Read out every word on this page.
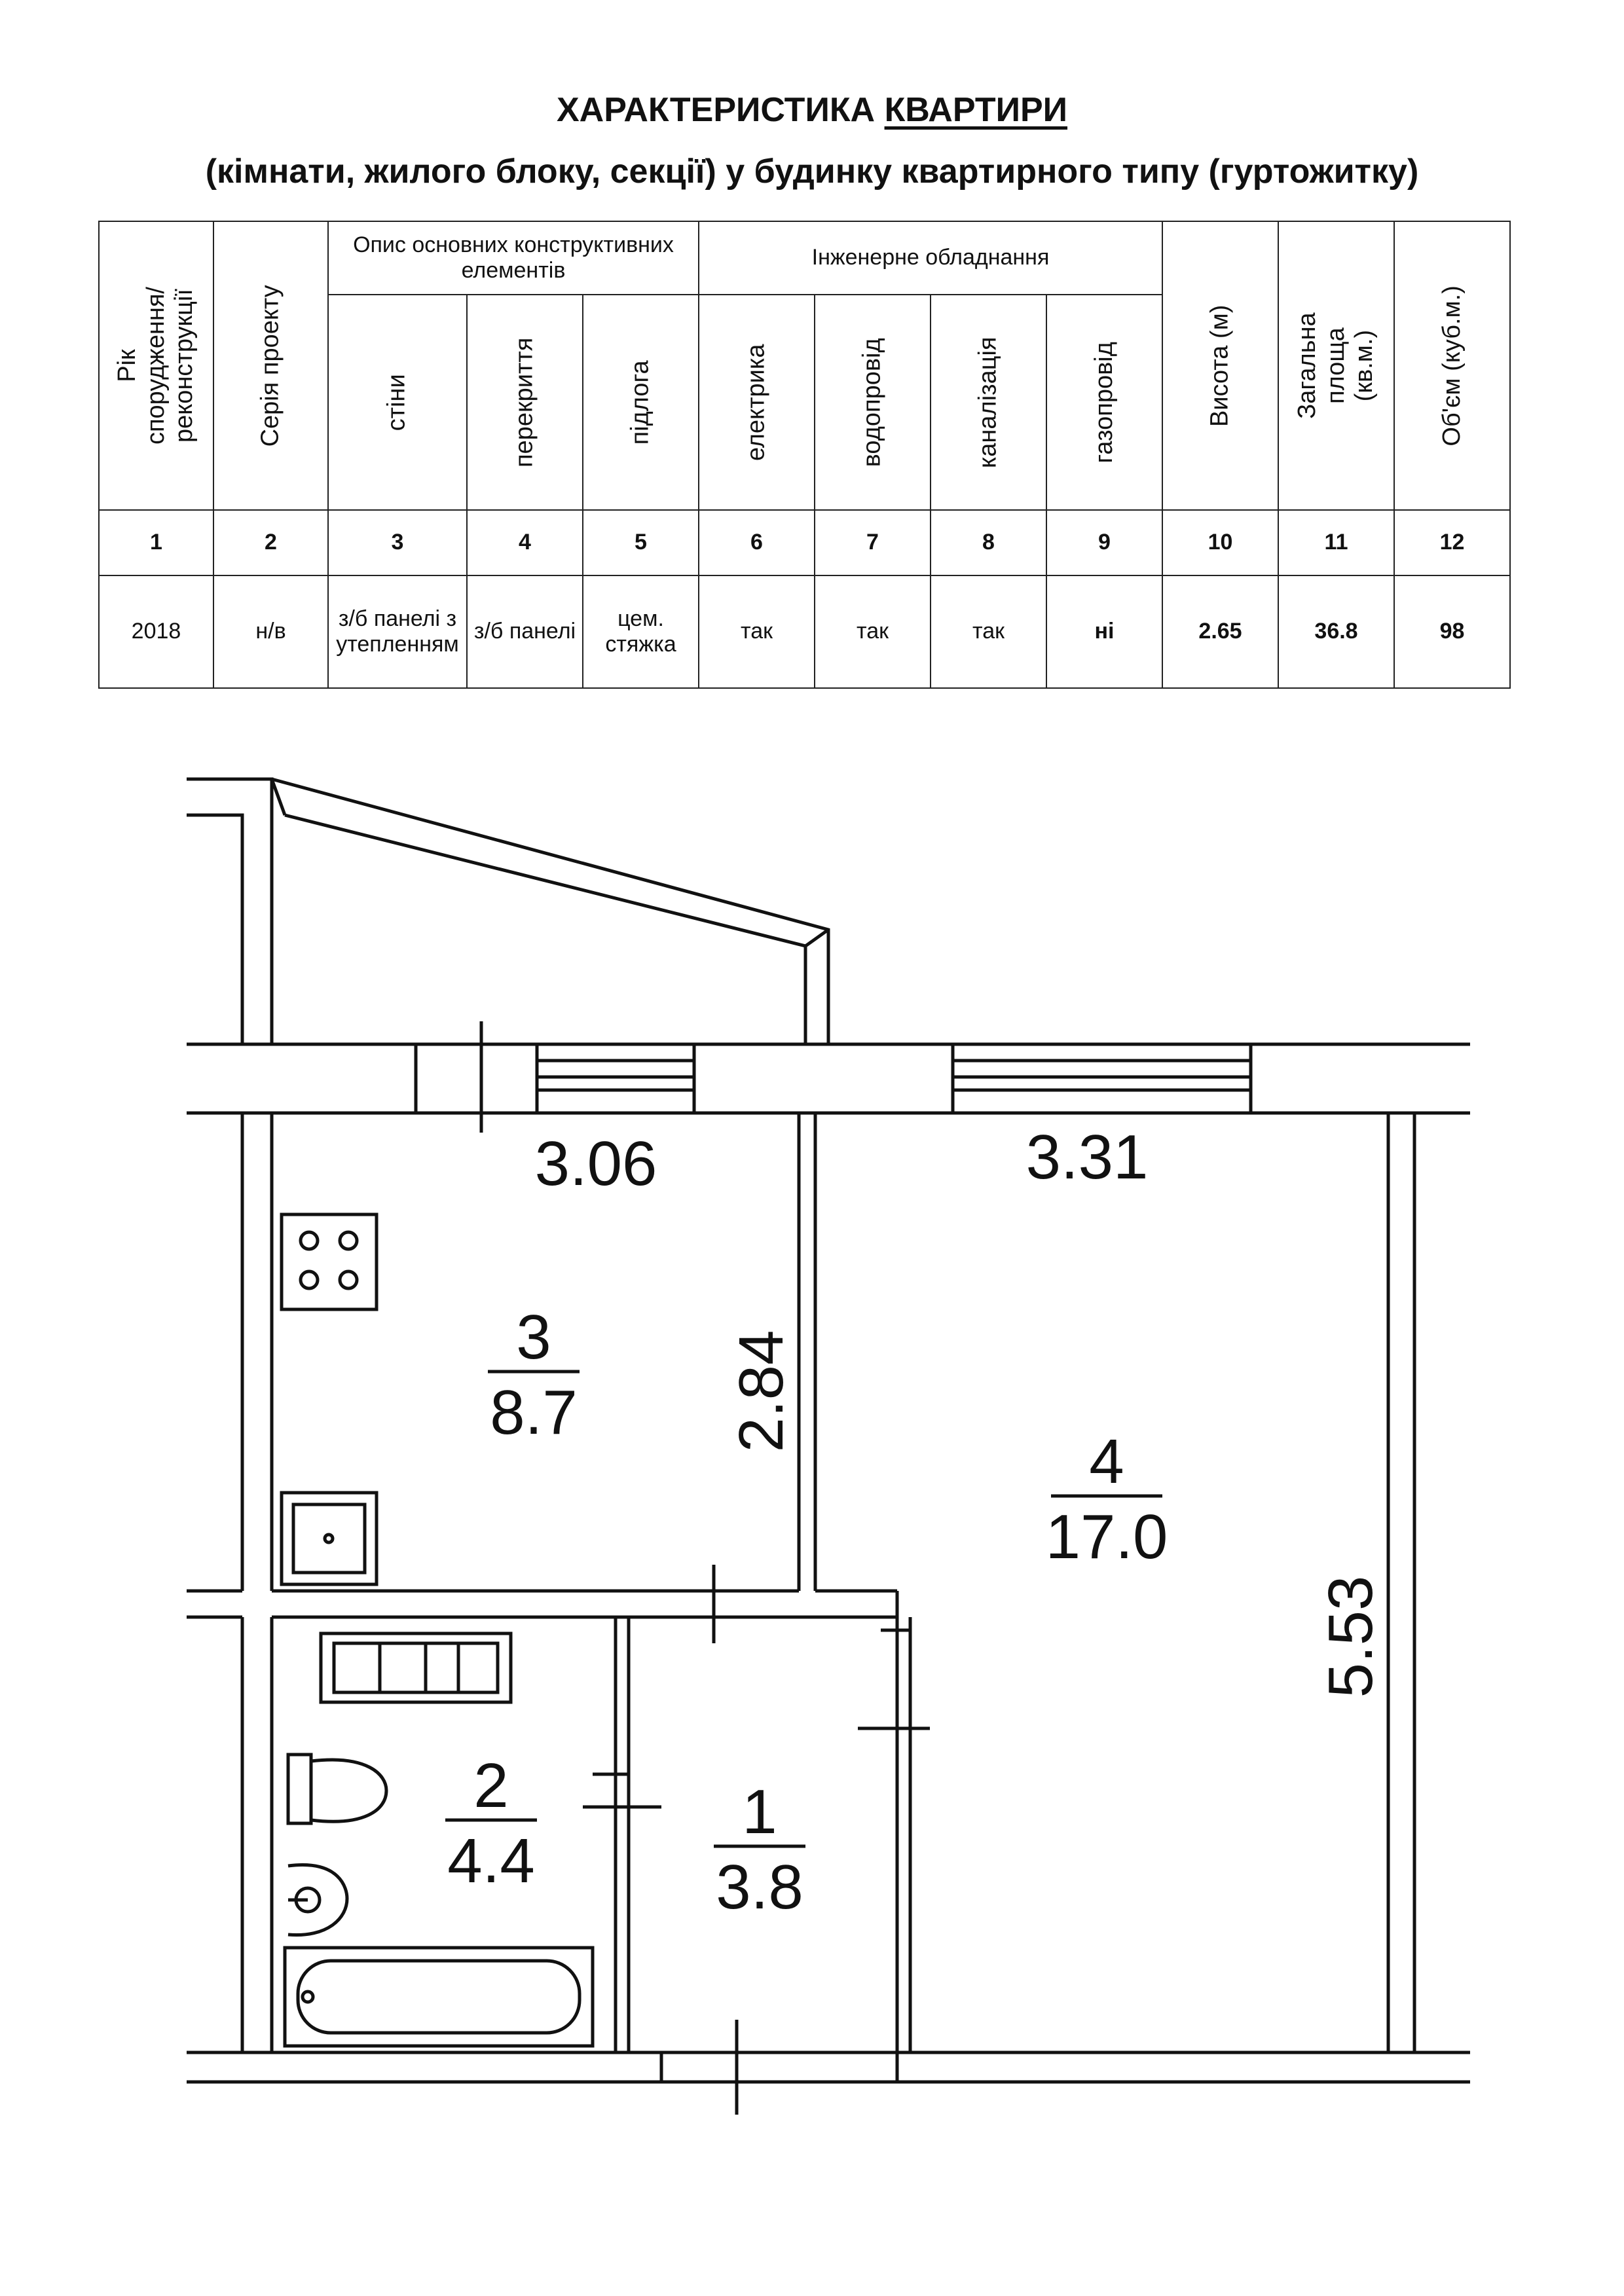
ХАРАКТЕРИСТИКА КВАРТИРИ
(кімнати, жилого блоку, секції) у будинку квартирного типу (гуртожитку)
Рік спорудження/ реконструкції	Серія проекту	Опис основних конструктивних елементів			Інженерне обладнання				Висота (м)	Загальна площа (кв.м.)	Об'єм (куб.м.)

		стіни	перекриття	підлога	електрика	водопровід	каналізація	газопровід			

1	2	3	4	5	6	7	8	9	10	11	12
2018	н/в	з/б панелі з утепленням	з/б панелі	цем. стяжка	так	так	так	ні	2.65	36.8	98
3.06	3.31
2.84
5.53
3
8.7
4
17.0
2
4.4
1
3.8
